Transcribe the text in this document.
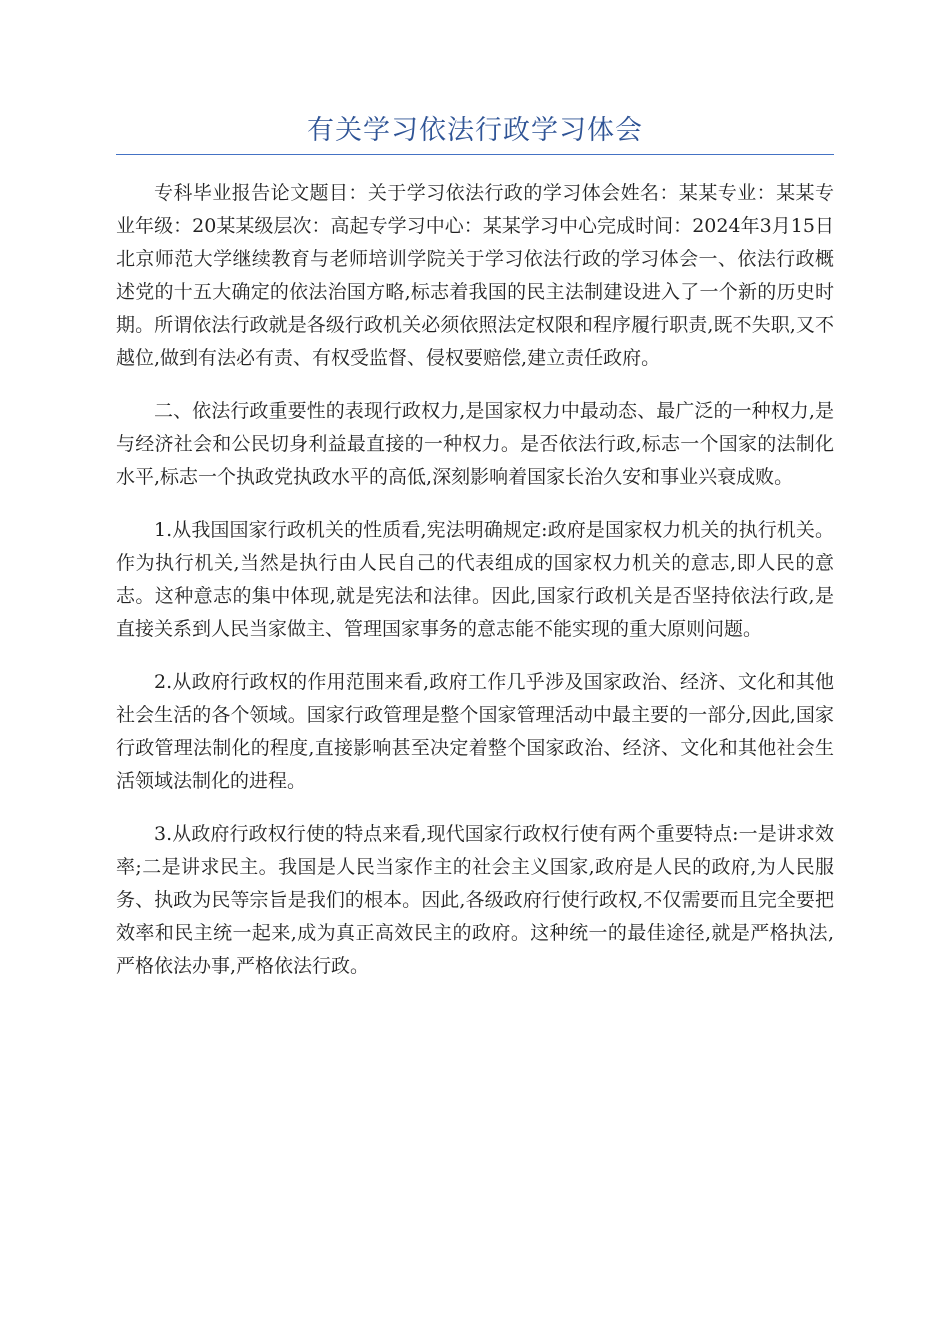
有关学习依法行政学习体会

专科毕业报告论文题目：关于学习依法行政的学习体会姓名：某某专业：某某专业年级：20某某级层次：高起专学习中心：某某学习中心完成时间：2024年3月15日北京师范大学继续教育与老师培训学院关于学习依法行政的学习体会一、依法行政概述党的十五大确定的依法治国方略,标志着我国的民主法制建设进入了一个新的历史时期。所谓依法行政就是各级行政机关必须依照法定权限和程序履行职责,既不失职,又不越位,做到有法必有责、有权受监督、侵权要赔偿,建立责任政府。

二、依法行政重要性的表现行政权力,是国家权力中最动态、最广泛的一种权力,是与经济社会和公民切身利益最直接的一种权力。是否依法行政,标志一个国家的法制化水平,标志一个执政党执政水平的高低,深刻影响着国家长治久安和事业兴衰成败。

1.从我国国家行政机关的性质看,宪法明确规定:政府是国家权力机关的执行机关。作为执行机关,当然是执行由人民自己的代表组成的国家权力机关的意志,即人民的意志。这种意志的集中体现,就是宪法和法律。因此,国家行政机关是否坚持依法行政,是直接关系到人民当家做主、管理国家事务的意志能不能实现的重大原则问题。

2.从政府行政权的作用范围来看,政府工作几乎涉及国家政治、经济、文化和其他社会生活的各个领域。国家行政管理是整个国家管理活动中最主要的一部分,因此,国家行政管理法制化的程度,直接影响甚至决定着整个国家政治、经济、文化和其他社会生活领域法制化的进程。

3.从政府行政权行使的特点来看,现代国家行政权行使有两个重要特点:一是讲求效率;二是讲求民主。我国是人民当家作主的社会主义国家,政府是人民的政府,为人民服务、执政为民等宗旨是我们的根本。因此,各级政府行使行政权,不仅需要而且完全要把效率和民主统一起来,成为真正高效民主的政府。这种统一的最佳途径,就是严格执法,严格依法办事,严格依法行政。
